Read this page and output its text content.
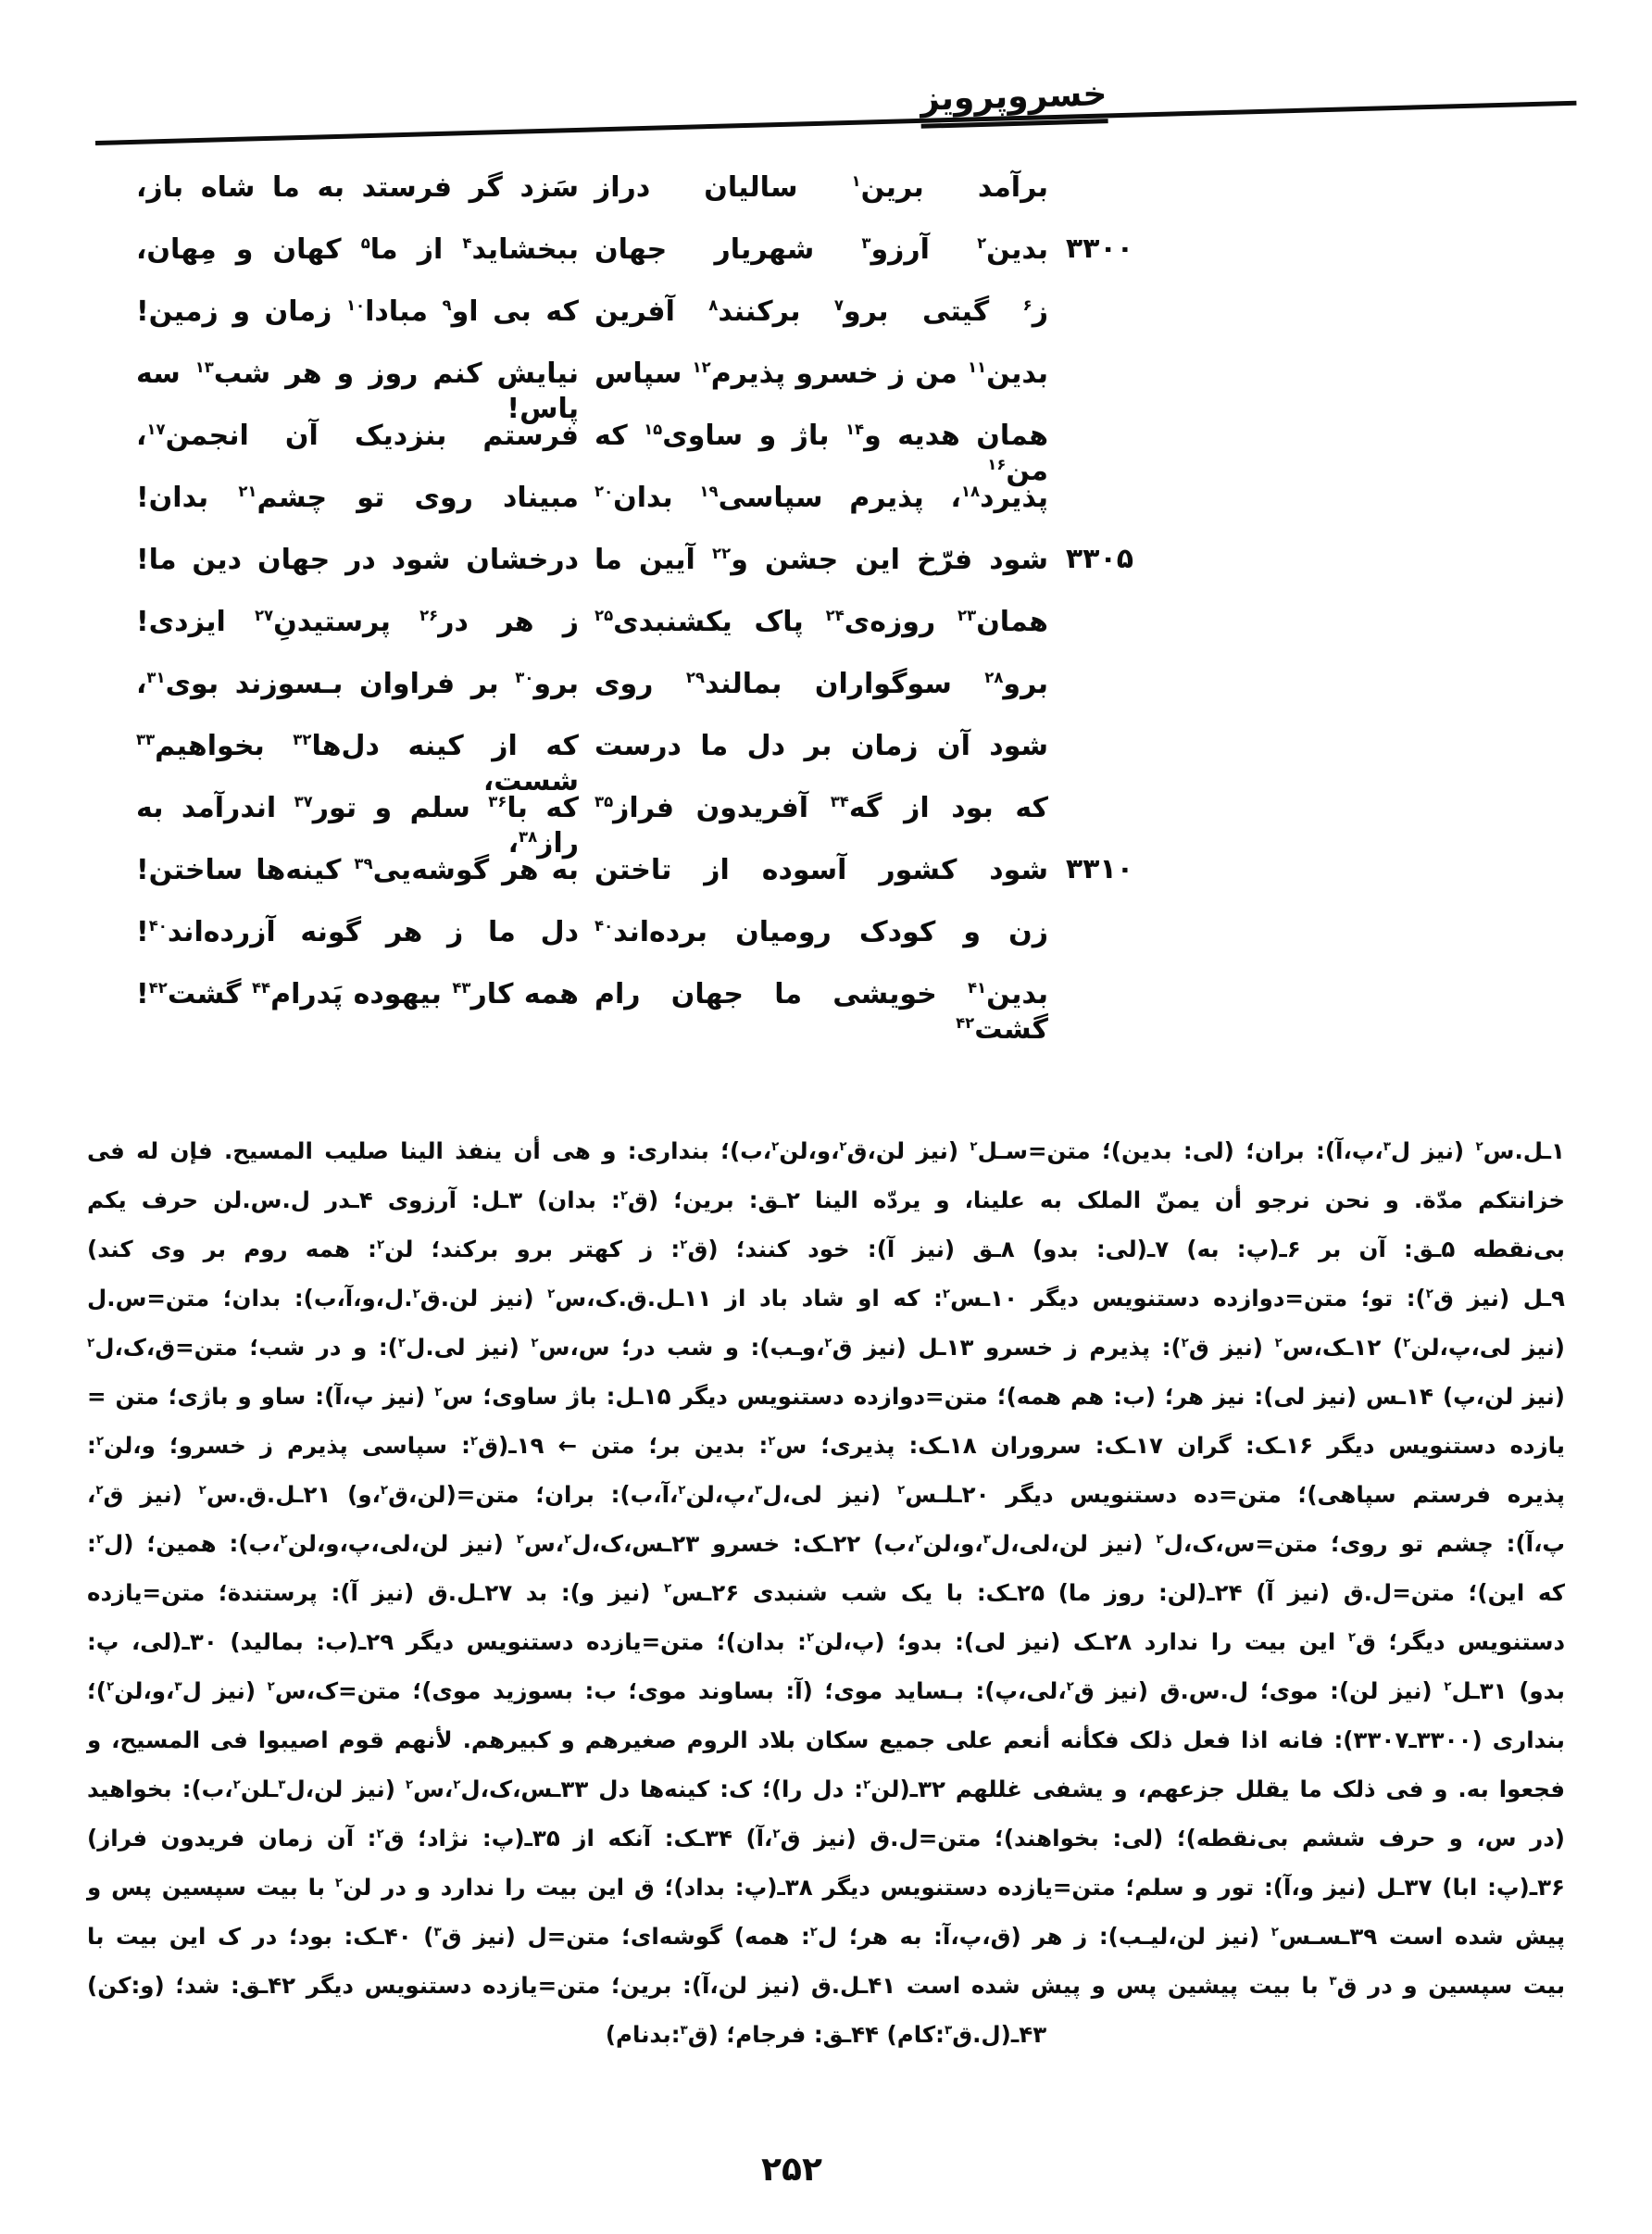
خسروپرویز
برآمد برین$^۱$ سالیان دراز
سَزد گر فرستد به ما شاه باز،
۳۳۰۰
بدین$^۲$ آرزو$^۳$ شهریار جهان
ببخشاید$^۴$ از ما$^۵$ کهان و مِهان،
ز$^۶$ گیتی برو$^۷$ برکنند$^۸$ آفرین
که بی او$^۹$ مبادا$^{۱۰}$ زمان و زمین!
بدین$^{۱۱}$ من ز خسرو پذیرم$^{۱۲}$ سپاس
نیایش کنم روز و هر شب$^{۱۳}$ سه پاس!
همان هدیه و$^{۱۴}$ باژ و ساوی$^{۱۵}$ که من$^{۱۶}$
فرستم بنزدیک آن انجمن$^{۱۷}$،
پذیرد$^{۱۸}$، پذیرم سپاسی$^{۱۹}$ بدان$^{۲۰}$
مبیناد روی تو چشم$^{۲۱}$ بدان!
۳۳۰۵
شود فرّخ این جشن و$^{۲۲}$ آیین ما
درخشان شود در جهان دین ما!
همان$^{۲۳}$ روزه‌ی$^{۲۴}$ پاک یکشنبدی$^{۲۵}$
ز هر در$^{۲۶}$ پرستیدنِ$^{۲۷}$ ایزدی!
برو$^{۲۸}$ سوگواران بمالند$^{۲۹}$ روی
برو$^{۳۰}$ بر فراوان بـسوزند بوی$^{۳۱}$،
شود آن زمان بر دل ما درست
که از کینه دل‌ها$^{۳۲}$ بخواهیم$^{۳۳}$ شست،
که بود از گه$^{۳۴}$ آفریدون فراز$^{۳۵}$
که با$^{۳۶}$ سلم و تور$^{۳۷}$ اندرآمد به راز$^{۳۸}$،
۳۳۱۰
شود کشور آسوده از تاختن
به هر گوشه‌یی$^{۳۹}$ کینه‌ها ساختن!
زن و کودک رومیان برده‌اند$^{۴۰}$
دل ما ز هر گونه آزرده‌اند$^{۴۰}$!
بدین$^{۴۱}$ خویشی ما جهان رام گشت$^{۴۲}$
همه کار$^{۴۳}$ بیهوده پَدرام$^{۴۴}$ گشت$^{۴۲}$!
۱ـل.س$^۲$ (نیز ل$^۳$،پ،آ): بران؛ (لی: بدین)؛ متن=سـل$^۲$ (نیز لن،ق$^۲$،و،لن$^۲$،ب)؛ بنداری: و هی أن ینفذ الینا صلیب المسیح. فإن له فی
خزانتکم مدّة. و نحن نرجو أن یمنّ الملک به علینا، و یردّه الینا ۲ـق: برین؛ (ق$^۲$: بدان) ۳ـل: آرزوی ۴ـدر ل.س.لن حرف یکم
بی‌نقطه ۵ـق: آن بر ۶ـ(پ: به) ۷ـ(لی: بدو) ۸ـق (نیز آ): خود کنند؛ (ق$^۲$: ز کهتر برو برکند؛ لن$^۲$: همه روم بر وی کند)
۹ـل (نیز ق$^۲$): تو؛ متن=دوازده دستنویس دیگر ۱۰ـس$^۲$: که او شاد باد از ۱۱ـل.ق.ک،س$^۲$ (نیز لن.ق$^۲$.ل،و،آ،ب): بدان؛ متن=س.ل
(نیز لی،پ،لن$^۲$) ۱۲ـک،س$^۲$ (نیز ق$^۲$): پذیرم ز خسرو ۱۳ـل (نیز ق$^۲$،وـب): و شب در؛ س،س$^۲$ (نیز لی.ل$^۲$): و در شب؛ متن=ق،ک،ل$^۲$
(نیز لن،پ) ۱۴ـس (نیز لی): نیز هر؛ (ب: هم همه)؛ متن=دوازده دستنویس دیگر ۱۵ـل: باژ ساوی؛ س$^۲$ (نیز پ،آ): ساو و باژی؛ متن =
یازده دستنویس دیگر ۱۶ـک: گران ۱۷ـک: سروران ۱۸ـک: پذیری؛ س$^۲$: بدین بر؛ متن ← ۱۹ـ(ق$^۲$: سپاسی پذیرم ز خسرو؛ و،لن$^۲$:
پذیره فرستم سپاهی)؛ متن=ده دستنویس دیگر ۲۰ـلـس$^۲$ (نیز لی،ل$^۳$،پ،لن$^۲$،آ،ب): بران؛ متن=(لن،ق$^۲$،و) ۲۱ـل.ق.س$^۲$ (نیز ق$^۲$،
پ،آ): چشم تو روی؛ متن=س،ک،ل$^۲$ (نیز لن،لی،ل$^۳$،و،لن$^۲$،ب) ۲۲ـک: خسرو ۲۳ـس،ک،ل$^۲$،س$^۲$ (نیز لن،لی،پ،و،لن$^۲$،ب): همین؛ (ل$^۲$:
که این)؛ متن=ل.ق (نیز آ) ۲۴ـ(لن: روز ما) ۲۵ـک: با یک شب شنبدی ۲۶ـس$^۲$ (نیز و): بد ۲۷ـل.ق (نیز آ): پرستندة؛ متن=یازده
دستنویس دیگر؛ ق$^۲$ این بیت را ندارد ۲۸ـک (نیز لی): بدو؛ (پ،لن$^۲$: بدان)؛ متن=یازده دستنویس دیگر ۲۹ـ(ب: بمالید) ۳۰ـ(لی، پ:
بدو) ۳۱ـل$^۲$ (نیز لن): موی؛ ل.س.ق (نیز ق$^۲$،لی،پ): بـساید موی؛ (آ: بساوند موی؛ ب: بسوزید موی)؛ متن=ک،س$^۲$ (نیز ل$^۳$،و،لن$^۲$)؛
بنداری (۳۳۰۰ـ۳۳۰۷): فانه اذا فعل ذلک فکأنه أنعم علی جمیع سکان بلاد الروم صغیرهم و کبیرهم. لأنهم قوم اصیبوا فی المسیح، و
فجعوا به. و فی ذلک ما یقلل جزعهم، و یشفی غللهم ۳۲ـ(لن$^۲$: دل را)؛ ک: کینه‌ها دل ۳۳ـس،ک،ل$^۲$،س$^۲$ (نیز لن،ل$^۳$ـلن$^۲$،ب): بخواهید
(در س، و حرف ششم بی‌نقطه)؛ (لی: بخواهند)؛ متن=ل.ق (نیز ق$^۲$،آ) ۳۴ـک: آنکه از ۳۵ـ(پ: نژاد؛ ق$^۲$: آن زمان فریدون فراز)
۳۶ـ(پ: ابا) ۳۷ـل (نیز و،آ): تور و سلم؛ متن=یازده دستنویس دیگر ۳۸ـ(پ: بداد)؛ ق این بیت را ندارد و در لن$^۲$ با بیت سپسین پس و
پیش شده است ۳۹ـسـس$^۲$ (نیز لن،لیـب): ز هر (ق،پ،آ: به هر؛ ل$^۲$: همه) گوشه‌ای؛ متن=ل (نیز ق$^۳$) ۴۰ـک: بود؛ در ک این بیت با
بیت سپسین و در ق$^۳$ با بیت پیشین پس و پیش شده است ۴۱ـل.ق (نیز لن،آ): برین؛ متن=یازده دستنویس دیگر ۴۲ـق: شد؛ (و:کن)
۴۳ـ(ل.ق$^۳$:کام) ۴۴ـق: فرجام؛ (ق$^۳$:بدنام)
۲۵۲
